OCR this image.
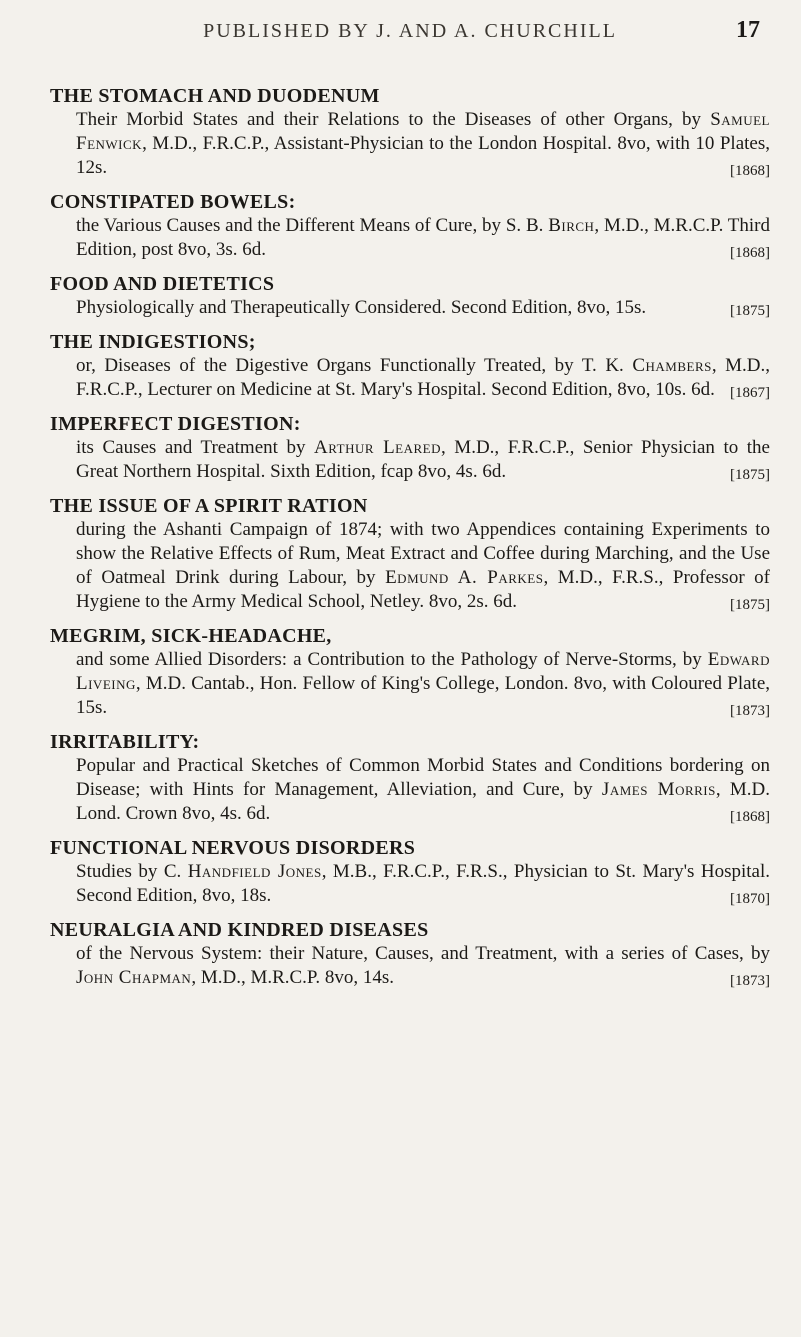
PUBLISHED BY J. AND A. CHURCHILL	17

THE STOMACH AND DUODENUM

Their Morbid States and their Relations to the Diseases of other Organs, by Samuel Fenwick, M.D., F.R.C.P., Assistant-Physician to the London Hospital. 8vo, with 10 Plates, 12s.	[1868]

CONSTIPATED BOWELS:

the Various Causes and the Different Means of Cure, by S. B. Birch, M.D., M.R.C.P. Third Edition, post 8vo, 3s. 6d.	[1868]

FOOD AND DIETETICS

Physiologically and Therapeutically Considered. Second Edition, 8vo, 15s.	[1875]

THE INDIGESTIONS;

or, Diseases of the Digestive Organs Functionally Treated, by T. K. Chambers, M.D., F.R.C.P., Lecturer on Medicine at St. Mary's Hospital. Second Edition, 8vo, 10s. 6d. [1867]

IMPERFECT DIGESTION:

its Causes and Treatment by Arthur Leared, M.D., F.R.C.P., Senior Physician to the Great Northern Hospital. Sixth Edition, fcap 8vo, 4s. 6d.	[1875]

THE ISSUE OF A SPIRIT RATION

during the Ashanti Campaign of 1874; with two Appendices containing Experiments to show the Relative Effects of Rum, Meat Extract and Coffee during Marching, and the Use of Oatmeal Drink during Labour, by Edmund A. Parkes, M.D., F.R.S., Professor of Hygiene to the Army Medical School, Netley. 8vo, 2s. 6d.	[1875]

MEGRIM, SICK-HEADACHE,

and some Allied Disorders: a Contribution to the Pathology of Nerve-Storms, by Edward Liveing, M.D. Cantab., Hon. Fellow of King's College, London. 8vo, with Coloured Plate, 15s.	[1873]

IRRITABILITY:

Popular and Practical Sketches of Common Morbid States and Conditions bordering on Disease; with Hints for Management, Alleviation, and Cure, by James Morris, M.D. Lond. Crown 8vo, 4s. 6d.	[1868]

FUNCTIONAL NERVOUS DISORDERS

Studies by C. Handfield Jones, M.B., F.R.C.P., F.R.S., Physician to St. Mary's Hospital. Second Edition, 8vo, 18s.	[1870]

NEURALGIA AND KINDRED DISEASES

of the Nervous System: their Nature, Causes, and Treatment, with a series of Cases, by John Chapman, M.D., M.R.C.P. 8vo, 14s.	[1873]
